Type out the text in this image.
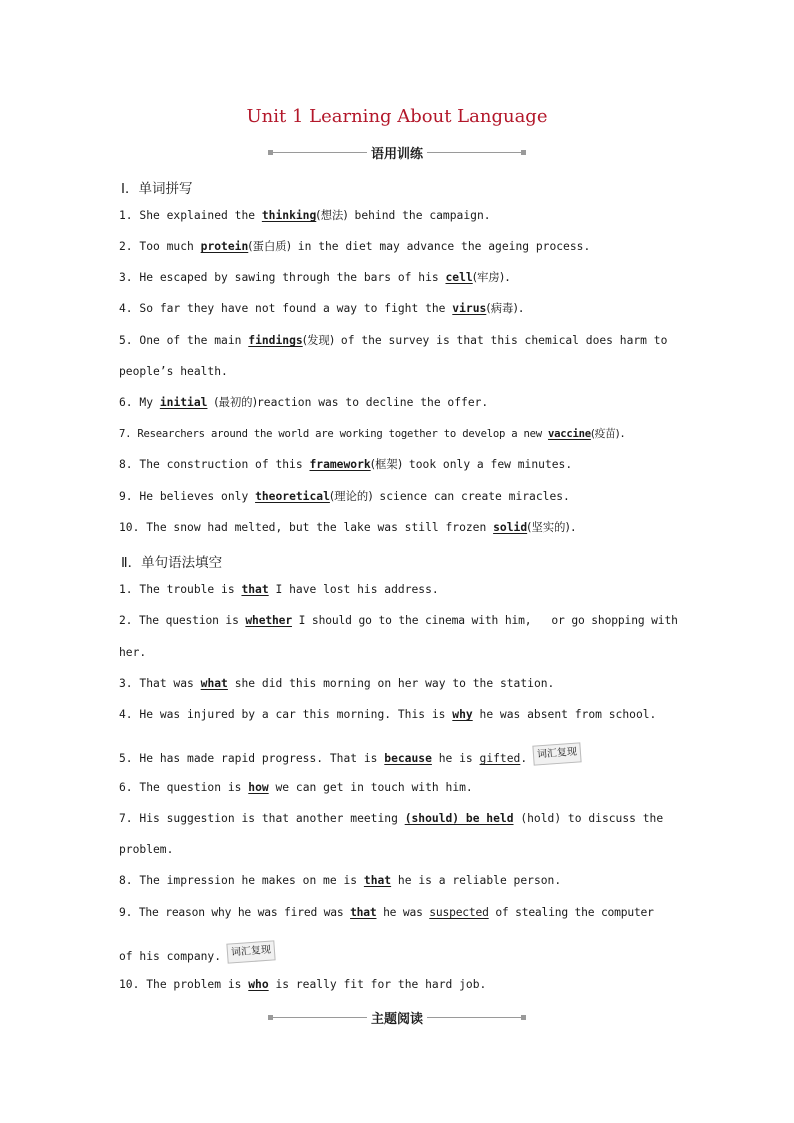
Unit 1 Learning About Language
语用训练
Ⅰ．单词拼写
1. She explained the thinking(想法) behind the campaign.
2. Too much protein(蛋白质) in the diet may advance the ageing process.
3. He escaped by sawing through the bars of his cell(牢房).
4. So far they have not found a way to fight the virus(病毒).
5. One of the main findings(发现) of the survey is that this chemical does harm to
people’s health.
6. My initial (最初的)reaction was to decline the offer.
7. Researchers around the world are working together to develop a new vaccine(疫苗).
8. The construction of this framework(框架) took only a few minutes.
9. He believes only theoretical(理论的) science can create miracles.
10. The snow had melted, but the lake was still frozen solid(坚实的).
Ⅱ．单句语法填空
1. The trouble is that I have lost his address.
2. The question is whether I should go to the cinema with him,   or go shopping with
her.
3. That was what she did this morning on her way to the station.
4. He was injured by a car this morning. This is why he was absent from school.
5. He has made rapid progress. That is because he is gifted. 词汇复现
6. The question is how we can get in touch with him.
7. His suggestion is that another meeting (should) be held (hold) to discuss the
problem.
8. The impression he makes on me is that he is a reliable person.
9. The reason why he was fired was that he was suspected of stealing the computer
of his company. 词汇复现
10. The problem is who is really fit for the hard job.
主题阅读
